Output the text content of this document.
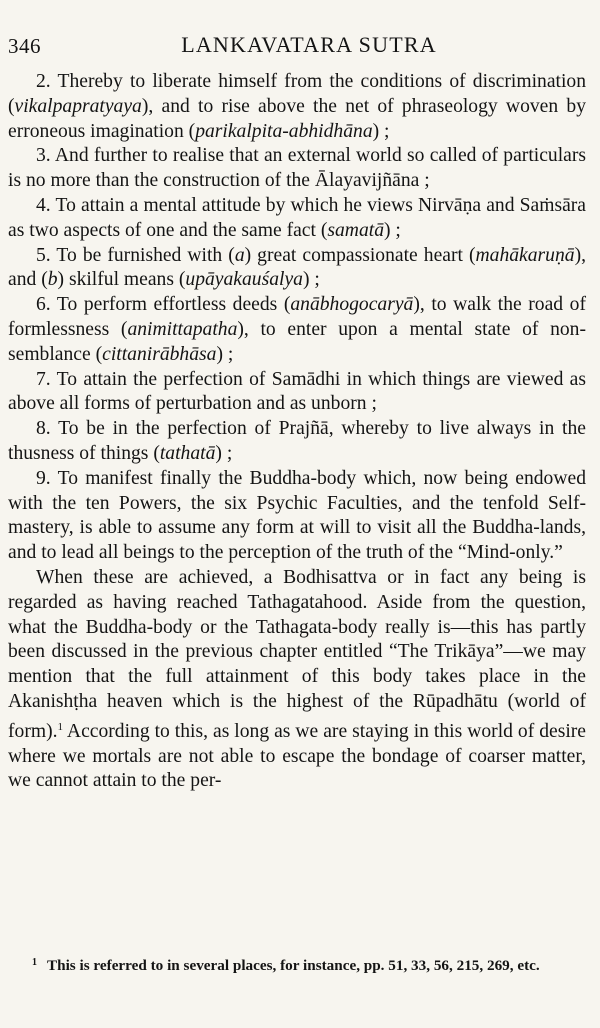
346	LANKAVATARA SUTRA

2. Thereby to liberate himself from the conditions of discrimination (vikalpapratyaya), and to rise above the net of phraseology woven by erroneous imagination (parikalpita-abhidhāna) ;

3. And further to realise that an external world so called of particulars is no more than the construction of the Ālayavijñāna ;

4. To attain a mental attitude by which he views Nirvāṇa and Saṁsāra as two aspects of one and the same fact (samatā) ;

5. To be furnished with (a) great compassionate heart (mahākaruṇā), and (b) skilful means (upāyakauśalya) ;

6. To perform effortless deeds (anābhogocaryā), to walk the road of formlessness (animittapatha), to enter upon a mental state of non-semblance (cittanirābhāsa) ;

7. To attain the perfection of Samādhi in which things are viewed as above all forms of perturbation and as unborn ;

8. To be in the perfection of Prajñā, whereby to live always in the thusness of things (tathatā) ;

9. To manifest finally the Buddha-body which, now being endowed with the ten Powers, the six Psychic Faculties, and the tenfold Self-mastery, is able to assume any form at will to visit all the Buddha-lands, and to lead all beings to the perception of the truth of the “Mind-only.”

When these are achieved, a Bodhisattva or in fact any being is regarded as having reached Tathagatahood. Aside from the question, what the Buddha-body or the Tathagata-body really is—this has partly been discussed in the previous chapter entitled “The Trikāya”—we may mention that the full attainment of this body takes place in the Akanishṭha heaven which is the highest of the Rūpadhātu (world of form).$^1$ According to this, as long as we are staying in this world of desire where we mortals are not able to escape the bondage of coarser matter, we cannot attain to the per-

$^1$ This is referred to in several places, for instance, pp. 51, 33, 56, 215, 269, etc.
